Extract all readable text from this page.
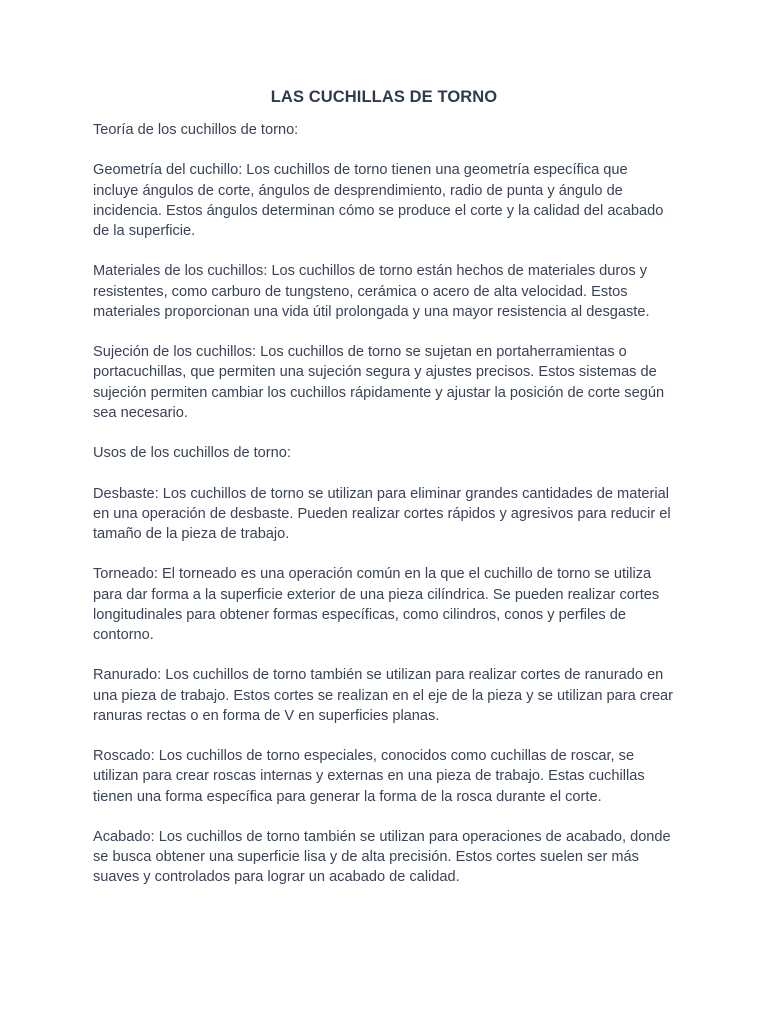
LAS CUCHILLAS DE TORNO

Teoría de los cuchillos de torno:

Geometría del cuchillo: Los cuchillos de torno tienen una geometría específica que incluye ángulos de corte, ángulos de desprendimiento, radio de punta y ángulo de incidencia. Estos ángulos determinan cómo se produce el corte y la calidad del acabado de la superficie.

Materiales de los cuchillos: Los cuchillos de torno están hechos de materiales duros y resistentes, como carburo de tungsteno, cerámica o acero de alta velocidad. Estos materiales proporcionan una vida útil prolongada y una mayor resistencia al desgaste.

Sujeción de los cuchillos: Los cuchillos de torno se sujetan en portaherramientas o portacuchillas, que permiten una sujeción segura y ajustes precisos. Estos sistemas de sujeción permiten cambiar los cuchillos rápidamente y ajustar la posición de corte según sea necesario.

Usos de los cuchillos de torno:

Desbaste: Los cuchillos de torno se utilizan para eliminar grandes cantidades de material en una operación de desbaste. Pueden realizar cortes rápidos y agresivos para reducir el tamaño de la pieza de trabajo.

Torneado: El torneado es una operación común en la que el cuchillo de torno se utiliza para dar forma a la superficie exterior de una pieza cilíndrica. Se pueden realizar cortes longitudinales para obtener formas específicas, como cilindros, conos y perfiles de contorno.

Ranurado: Los cuchillos de torno también se utilizan para realizar cortes de ranurado en una pieza de trabajo. Estos cortes se realizan en el eje de la pieza y se utilizan para crear ranuras rectas o en forma de V en superficies planas.

Roscado: Los cuchillos de torno especiales, conocidos como cuchillas de roscar, se utilizan para crear roscas internas y externas en una pieza de trabajo. Estas cuchillas tienen una forma específica para generar la forma de la rosca durante el corte.

Acabado: Los cuchillos de torno también se utilizan para operaciones de acabado, donde se busca obtener una superficie lisa y de alta precisión. Estos cortes suelen ser más suaves y controlados para lograr un acabado de calidad.
